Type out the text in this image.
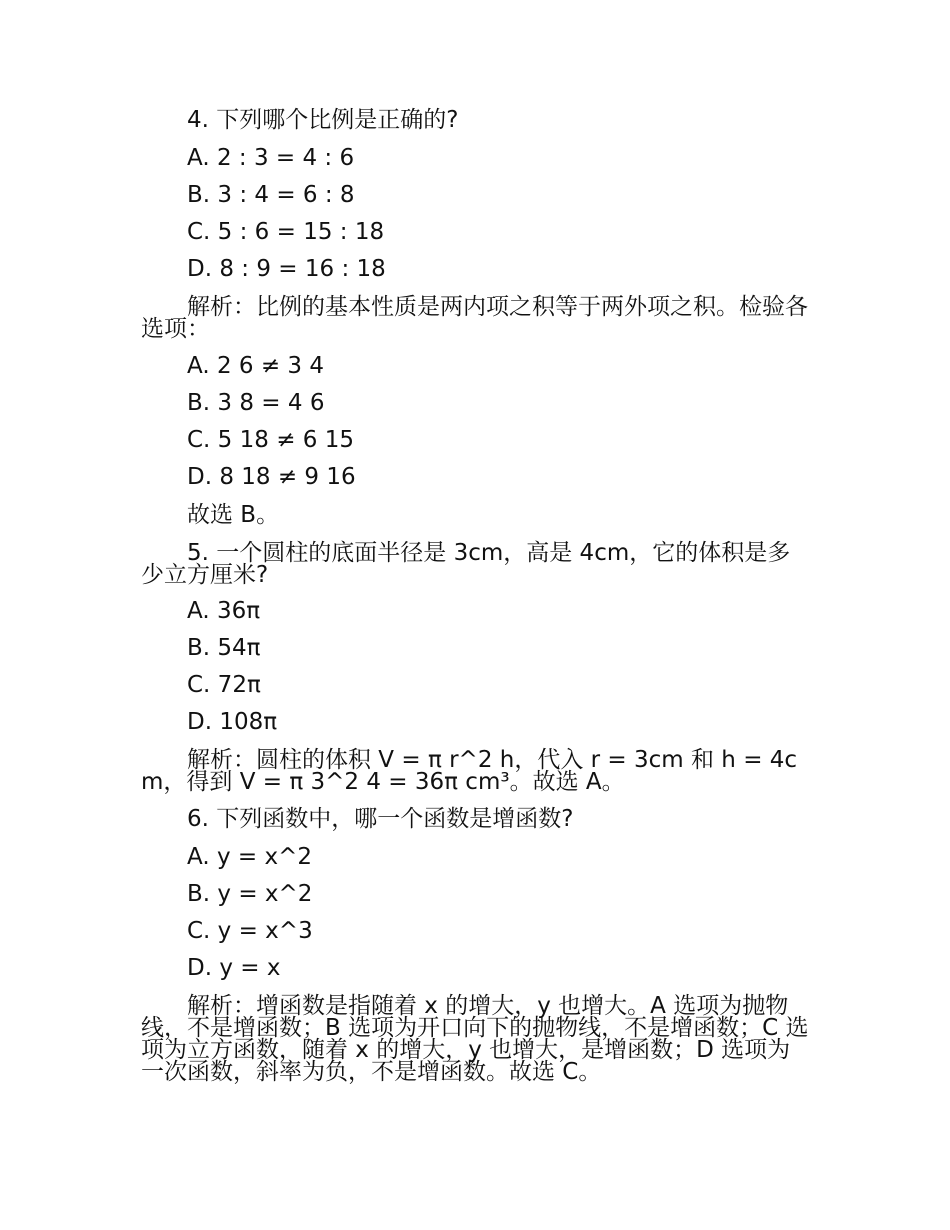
4. 下列哪个比例是正确的?
A. 2 : 3 = 4 : 6
B. 3 : 4 = 6 : 8
C. 5 : 6 = 15 : 18
D. 8 : 9 = 16 : 18
解析：比例的基本性质是两内项之积等于两外项之积。检验各选项：
A. 2 6 ≠ 3 4
B. 3 8 = 4 6
C. 5 18 ≠ 6 15
D. 8 18 ≠ 9 16
故选 B。
5. 一个圆柱的底面半径是 3cm，高是 4cm，它的体积是多少立方厘米?
A. 36π
B. 54π
C. 72π
D. 108π
解析：圆柱的体积 V = π r^2 h，代入 r = 3cm 和 h = 4cm，得到 V = π 3^2 4 = 36π cm³。故选 A。
6. 下列函数中，哪一个函数是增函数?
A. y = x^2
B. y = x^2
C. y = x^3
D. y = x
解析：增函数是指随着 x 的增大，y 也增大。A 选项为抛物线，不是增函数；B 选项为开口向下的抛物线，不是增函数；C 选项为立方函数，随着 x 的增大，y 也增大，是增函数；D 选项为一次函数，斜率为负，不是增函数。故选 C。
